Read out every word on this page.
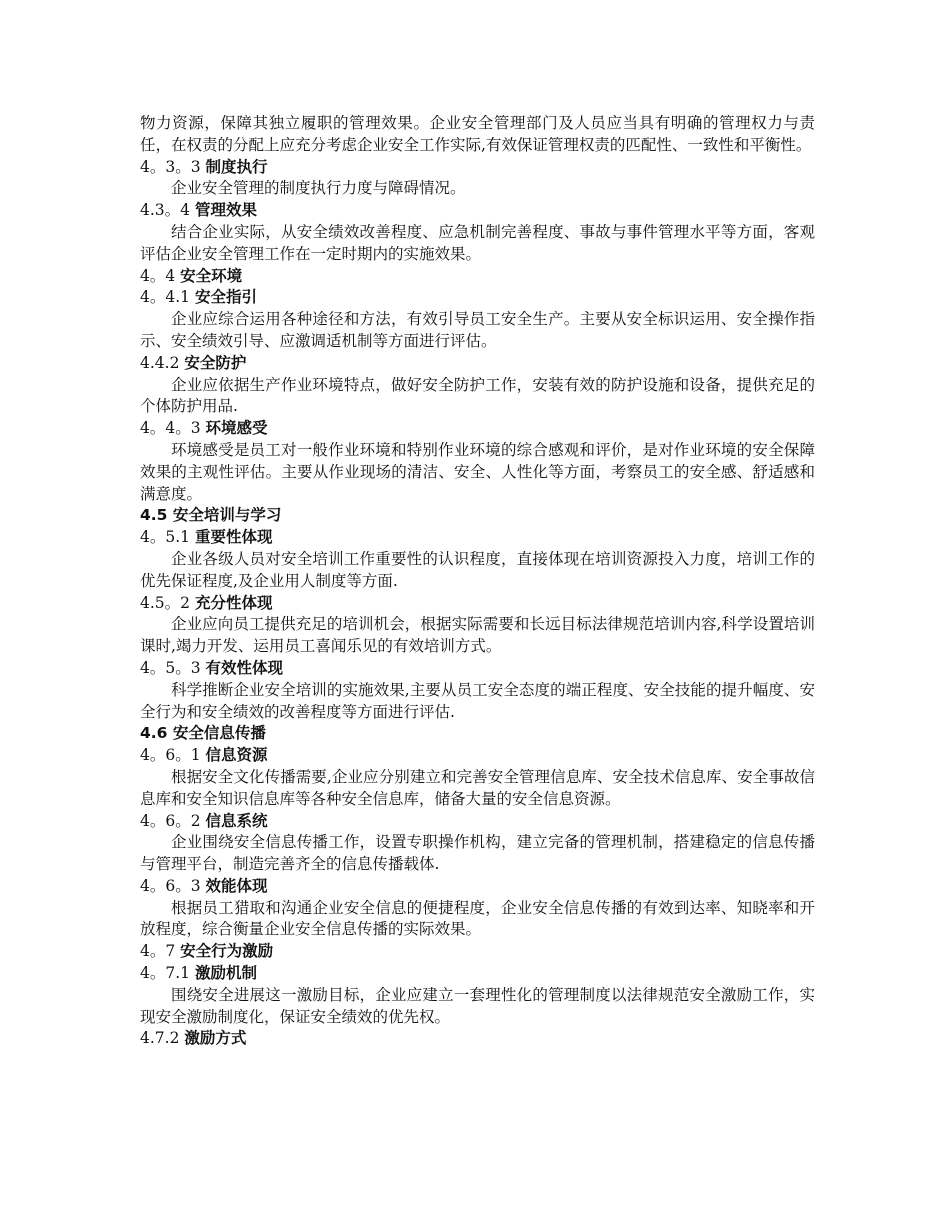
物力资源，保障其独立履职的管理效果。企业安全管理部门及人员应当具有明确的管理权力与责任，在权责的分配上应充分考虑企业安全工作实际,有效保证管理权责的匹配性、一致性和平衡性。

4。3。3 制度执行

企业安全管理的制度执行力度与障碍情况。

4.3。4 管理效果

结合企业实际，从安全绩效改善程度、应急机制完善程度、事故与事件管理水平等方面，客观评估企业安全管理工作在一定时期内的实施效果。

4。4 安全环境

4。4.1 安全指引

企业应综合运用各种途径和方法，有效引导员工安全生产。主要从安全标识运用、安全操作指示、安全绩效引导、应激调适机制等方面进行评估。

4.4.2 安全防护

企业应依据生产作业环境特点，做好安全防护工作，安装有效的防护设施和设备，提供充足的个体防护用品.

4。4。3 环境感受

环境感受是员工对一般作业环境和特别作业环境的综合感观和评价，是对作业环境的安全保障效果的主观性评估。主要从作业现场的清洁、安全、人性化等方面，考察员工的安全感、舒适感和满意度。

4.5 安全培训与学习

4。5.1 重要性体现

企业各级人员对安全培训工作重要性的认识程度，直接体现在培训资源投入力度，培训工作的优先保证程度,及企业用人制度等方面.

4.5。2 充分性体现

企业应向员工提供充足的培训机会，根据实际需要和长远目标法律规范培训内容,科学设置培训课时,竭力开发、运用员工喜闻乐见的有效培训方式。

4。5。3 有效性体现

科学推断企业安全培训的实施效果,主要从员工安全态度的端正程度、安全技能的提升幅度、安全行为和安全绩效的改善程度等方面进行评估.

4.6 安全信息传播

4。6。1 信息资源

根据安全文化传播需要,企业应分别建立和完善安全管理信息库、安全技术信息库、安全事故信息库和安全知识信息库等各种安全信息库，储备大量的安全信息资源。

4。6。2 信息系统

企业围绕安全信息传播工作，设置专职操作机构，建立完备的管理机制，搭建稳定的信息传播与管理平台，制造完善齐全的信息传播载体.

4。6。3 效能体现

根据员工猎取和沟通企业安全信息的便捷程度，企业安全信息传播的有效到达率、知晓率和开放程度，综合衡量企业安全信息传播的实际效果。

4。7 安全行为激励

4。7.1 激励机制

围绕安全进展这一激励目标，企业应建立一套理性化的管理制度以法律规范安全激励工作，实现安全激励制度化，保证安全绩效的优先权。

4.7.2 激励方式
